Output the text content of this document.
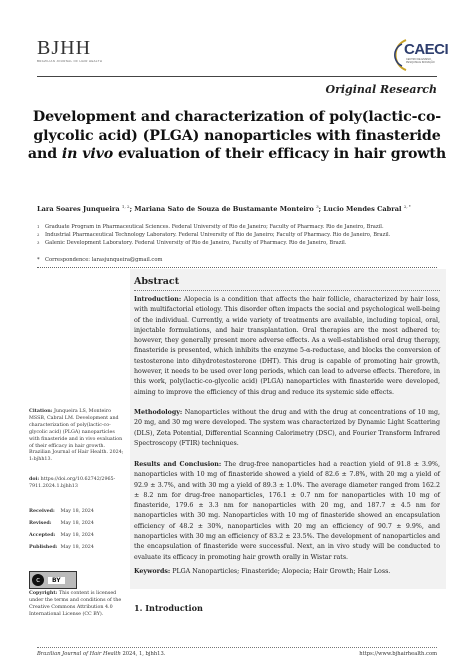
BJHH
BRAZILIAN JOURNAL OF HAIR HEALTH
CAECI
CENTRO DE ENSINO, PESQUISA E INOVAÇÃO
Original Research
Development and characterization of poly(lactic-co-glycolic acid) (PLGA) nanoparticles with finasteride and in vivo evaluation of their efficacy in hair growth
Lara Soares Junqueira $^{1, 2}$; Mariana Sato de Souza de Bustamante Monteiro $^3$; Lucio Mendes Cabral $^{2, *}$
1 Graduate Program in Pharmaceutical Sciences. Federal University of Rio de Janeiro; Faculty of Pharmacy. Rio de Janeiro, Brazil.
2 Industrial Pharmaceutical Technology Laboratory. Federal University of Rio de Janeiro; Faculty of Pharmacy. Rio de Janeiro, Brazil.
3 Galenic Development Laboratory. Federal University of Rio de Janeiro, Faculty of Pharmacy. Rio de Janeiro, Brazil.
* Correspondence: larasjunqueira@gmail.com
Abstract
Introduction: Alopecia is a condition that affects the hair follicle, characterized by hair loss, with multifactorial etiology. This disorder often impacts the social and psychological well-being of the individual. Currently, a wide variety of treatments are available, including topical, oral, injectable formulations, and hair transplantation. Oral therapies are the most adhered to; however, they generally present more adverse effects. As a well-established oral drug therapy, finasteride is presented, which inhibits the enzyme 5-α-reductase, and blocks the conversion of testosterone into dihydrotestosterone (DHT). This drug is capable of promoting hair growth, however, it needs to be used over long periods, which can lead to adverse effects. Therefore, in this work, poly(lactic-co-glycolic acid) (PLGA) nanoparticles with finasteride were developed, aiming to improve the efficiency of this drug and reduce its systemic side effects.
Methodology: Nanoparticles without the drug and with the drug at concentrations of 10 mg, 20 mg, and 30 mg were developed. The system was characterized by Dynamic Light Scattering (DLS), Zeta Potential, Differential Scanning Calorimetry (DSC), and Fourier Transform Infrared Spectroscopy (FTIR) techniques.
Results and Conclusion: The drug-free nanoparticles had a reaction yield of 91.8 ± 3.9%, nanoparticles with 10 mg of finasteride showed a yield of 82.6 ± 7.8%, with 20 mg a yield of 92.9 ± 3.7%, and with 30 mg a yield of 89.3 ± 1.0%. The average diameter ranged from 162.2 ± 8.2 nm for drug-free nanoparticles, 176.1 ± 0.7 nm for nanoparticles with 10 mg of finasteride, 179.6 ± 3.3 nm for nanoparticles with 20 mg, and 187.7 ± 4.5 nm for nanoparticles with 30 mg. Nanoparticles with 10 mg of finasteride showed an encapsulation efficiency of 48.2 ± 30%, nanoparticles with 20 mg an efficiency of 90.7 ± 9.9%, and nanoparticles with 30 mg an efficiency of 83.2 ± 23.5%. The development of nanoparticles and the encapsulation of finasteride were successful. Next, an in vivo study will be conducted to evaluate its efficacy in promoting hair growth orally in Wistar rats.
Keywords: PLGA Nanoparticles; Finasteride; Alopecia; Hair Growth; Hair Loss.
Citation: Junqueira LS, Monteiro MSSB, Cabral LM. Development and characterization of poly(lactic-co-glycolic acid) (PLGA) nanoparticles with finasteride and in vivo evaluation of their efficacy in hair growth. Brazilian Journal of Hair Health. 2024; 1:bjhh13.
doi: https://doi.org/10.62742/2965-7911.2024.1.bjhh13
Received: May 18, 2024
Revised: May 18, 2024
Accepted: May 18, 2024
Published: May 18, 2024
c	BY
Copyright: This content is licensed under the terms and conditions of the Creative Commons Attribution 4.0 International License (CC BY).
1. Introduction
Brazilian Journal of Hair Health 2024, 1, bjhh13.	https://www.bjhairhealth.com
